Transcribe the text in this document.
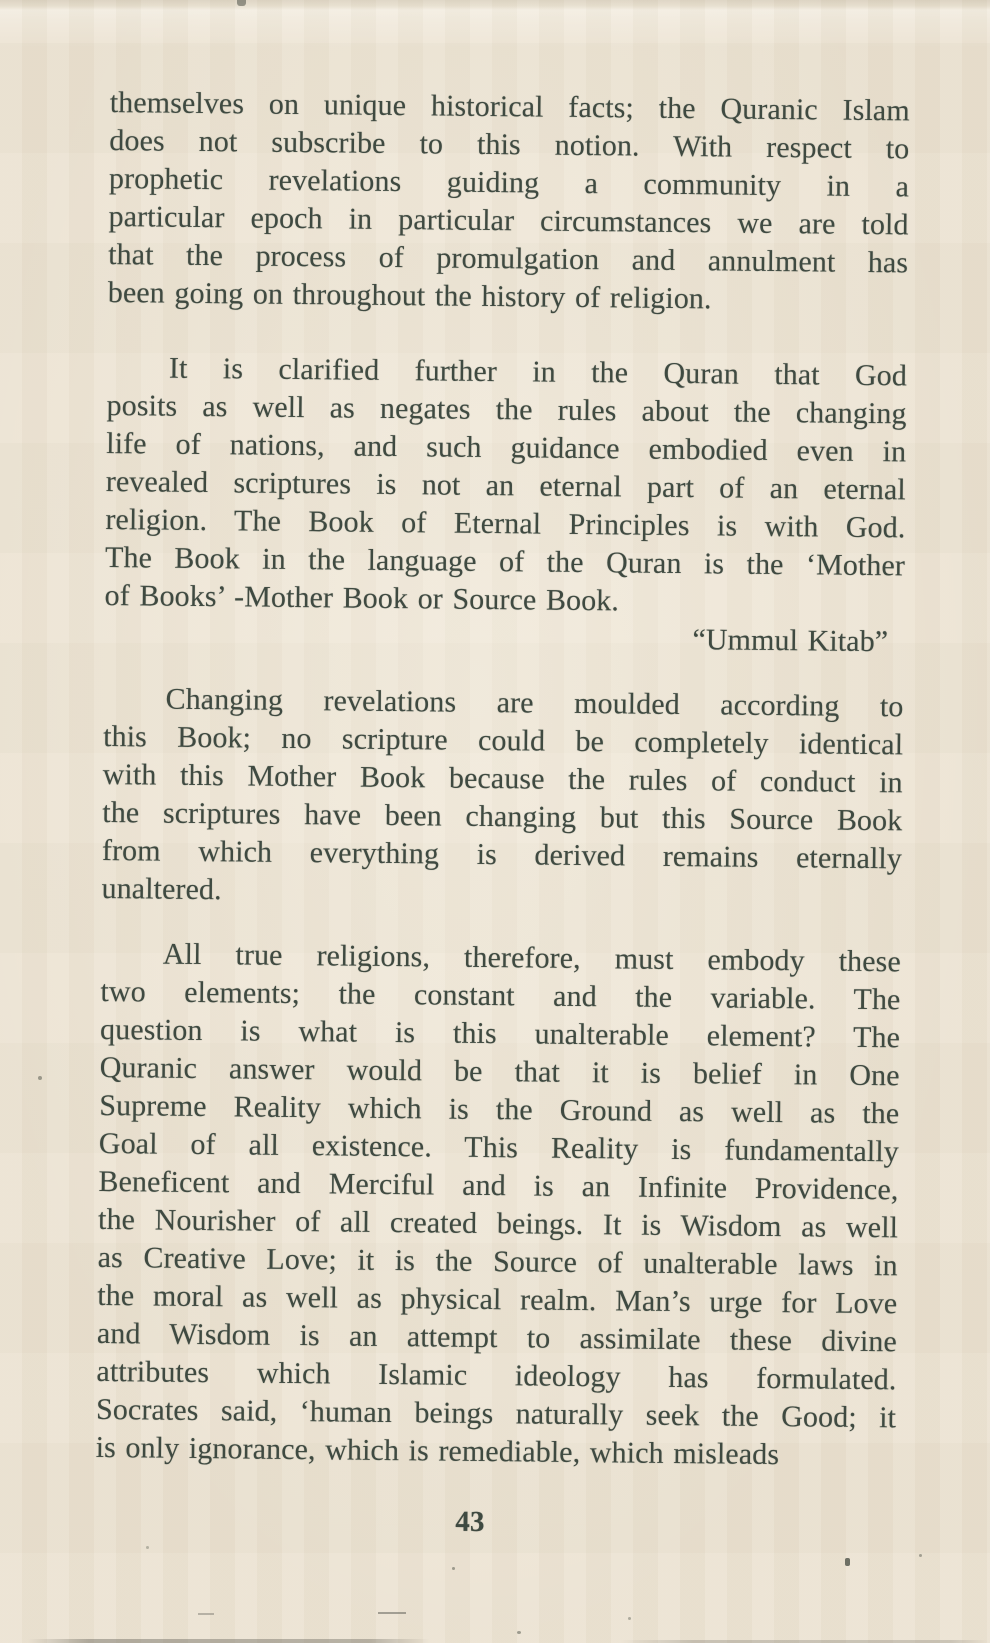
themselves on unique historical facts; the Quranic Islam
does not subscribe to this notion. With respect to
prophetic revelations guiding a community in a
particular epoch in particular circumstances we are told
that the process of promulgation and annulment has
been going on throughout the history of religion.
It is clarified further in the Quran that God
posits as well as negates the rules about the changing
life of nations, and such guidance embodied even in
revealed scriptures is not an eternal part of an eternal
religion. The Book of Eternal Principles is with God.
The Book in the language of the Quran is the ‘Mother
of Books’ -Mother Book or Source Book.
“Ummul Kitab”
Changing revelations are moulded according to
this Book; no scripture could be completely identical
with this Mother Book because the rules of conduct in
the scriptures have been changing but this Source Book
from which everything is derived remains eternally
unaltered.
All true religions, therefore, must embody these
two elements; the constant and the variable. The
question is what is this unalterable element? The
Quranic answer would be that it is belief in One
Supreme Reality which is the Ground as well as the
Goal of all existence. This Reality is fundamentally
Beneficent and Merciful and is an Infinite Providence,
the Nourisher of all created beings. It is Wisdom as well
as Creative Love; it is the Source of unalterable laws in
the moral as well as physical realm. Man’s urge for Love
and Wisdom is an attempt to assimilate these divine
attributes which Islamic ideology has formulated.
Socrates said, ‘human beings naturally seek the Good; it
is only ignorance, which is remediable, which misleads
43
